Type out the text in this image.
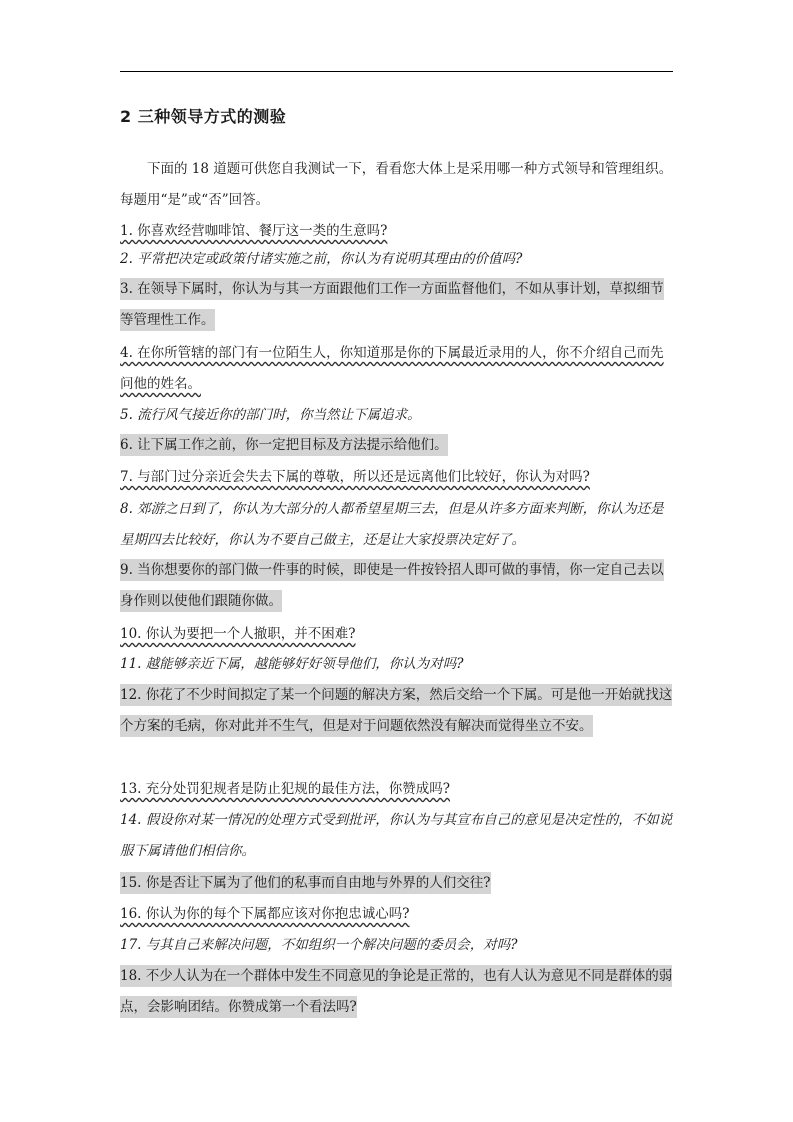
2 三种领导方式的测验

下面的 18 道题可供您自我测试一下，看看您大体上是采用哪一种方式领导和管理组织。每题用“是”或“否”回答。

1. 你喜欢经营咖啡馆、餐厅这一类的生意吗?

2. 平常把决定或政策付诸实施之前，你认为有说明其理由的价值吗?

3. 在领导下属时，你认为与其一方面跟他们工作一方面监督他们，不如从事计划，草拟细节等管理性工作。

4. 在你所管辖的部门有一位陌生人，你知道那是你的下属最近录用的人，你不介绍自己而先问他的姓名。

5. 流行风气接近你的部门时，你当然让下属追求。

6. 让下属工作之前，你一定把目标及方法提示给他们。

7. 与部门过分亲近会失去下属的尊敬，所以还是远离他们比较好，你认为对吗?

8. 郊游之日到了，你认为大部分的人都希望星期三去，但是从许多方面来判断，你认为还是星期四去比较好，你认为不要自己做主，还是让大家投票决定好了。

9. 当你想要你的部门做一件事的时候，即使是一件按铃招人即可做的事情，你一定自己去以身作则以使他们跟随你做。

10. 你认为要把一个人撤职，并不困难?

11. 越能够亲近下属，越能够好好领导他们，你认为对吗?

12. 你花了不少时间拟定了某一个问题的解决方案，然后交给一个下属。可是他一开始就找这个方案的毛病，你对此并不生气，但是对于问题依然没有解决而觉得坐立不安。

13. 充分处罚犯规者是防止犯规的最佳方法，你赞成吗?

14. 假设你对某一情况的处理方式受到批评，你认为与其宣布自己的意见是决定性的，不如说服下属请他们相信你。

15. 你是否让下属为了他们的私事而自由地与外界的人们交往?

16. 你认为你的每个下属都应该对你抱忠诚心吗?

17. 与其自己来解决问题，不如组织一个解决问题的委员会，对吗?

18. 不少人认为在一个群体中发生不同意见的争论是正常的，也有人认为意见不同是群体的弱点，会影响团结。你赞成第一个看法吗?
